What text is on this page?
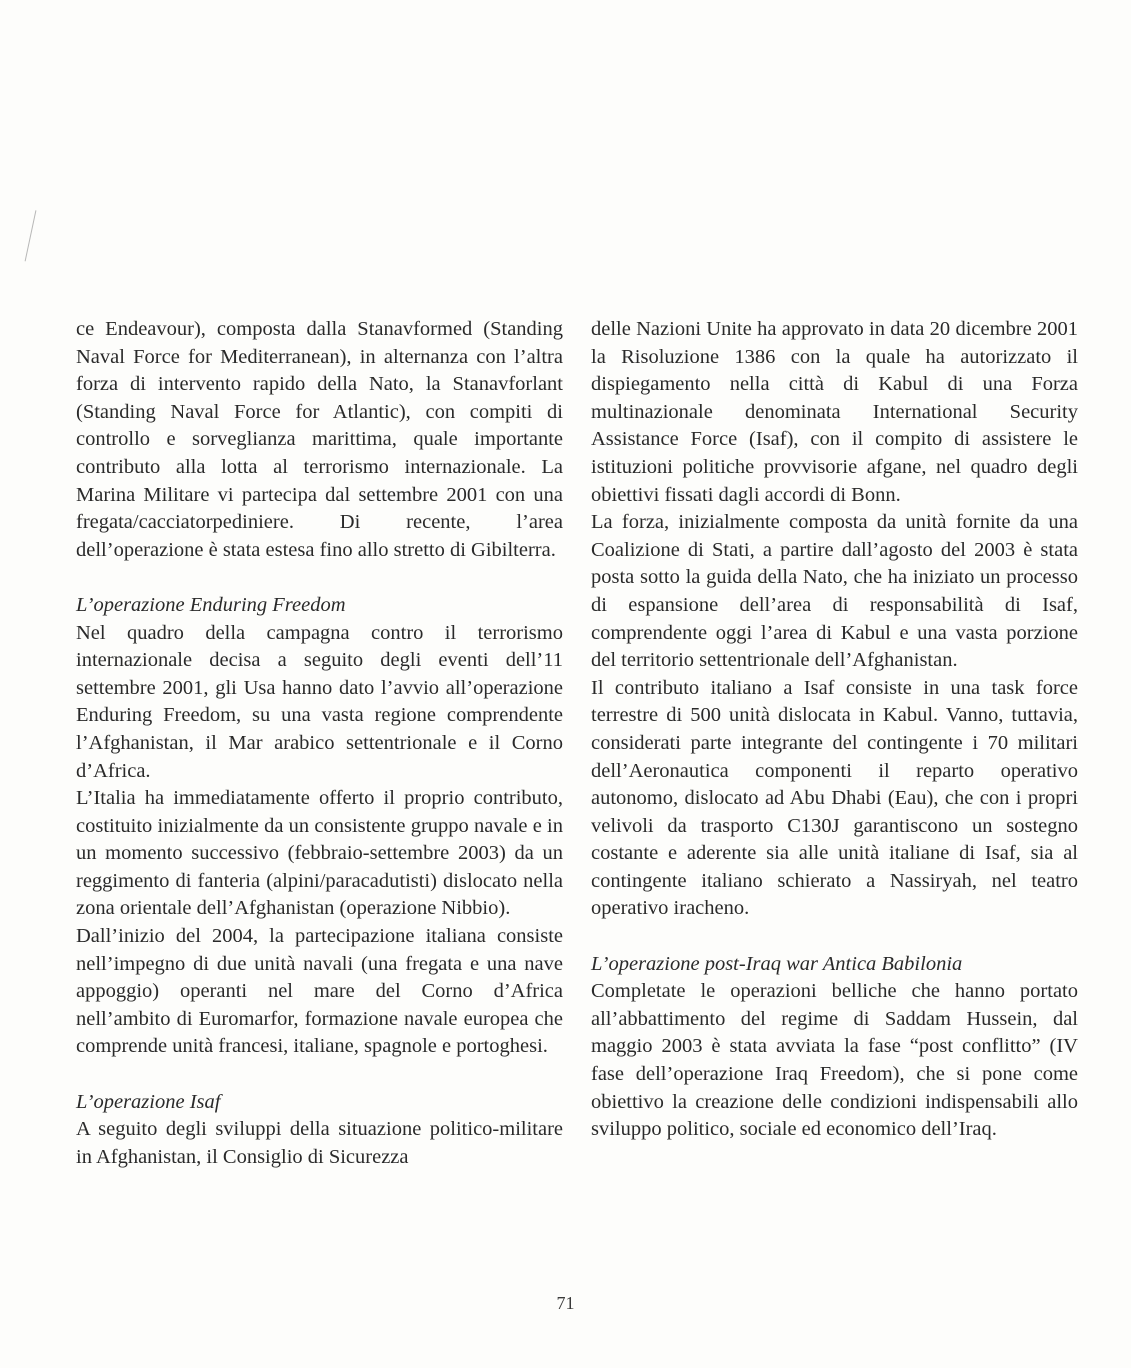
ce Endeavour), composta dalla Stanavformed (Standing Naval Force for Mediterranean), in alternanza con l’altra forza di intervento rapido della Nato, la Stanavforlant (Standing Naval Force for Atlantic), con compiti di controllo e sorveglianza marittima, quale importante contributo alla lotta al terrorismo internazionale. La Marina Militare vi partecipa dal settembre 2001 con una fregata/cacciatorpediniere. Di recente, l’area dell’operazione è stata estesa fino allo stretto di Gibilterra.

L’operazione Enduring Freedom

Nel quadro della campagna contro il terrorismo internazionale decisa a seguito degli eventi dell’11 settembre 2001, gli Usa hanno dato l’avvio all’operazione Enduring Freedom, su una vasta regione comprendente l’Afghanistan, il Mar arabico settentrionale e il Corno d’Africa.

L’Italia ha immediatamente offerto il proprio contributo, costituito inizialmente da un consistente gruppo navale e in un momento successivo (febbraio-settembre 2003) da un reggimento di fanteria (alpini/paracadutisti) dislocato nella zona orientale dell’Afghanistan (operazione Nibbio).

Dall’inizio del 2004, la partecipazione italiana consiste nell’impegno di due unità navali (una fregata e una nave appoggio) operanti nel mare del Corno d’Africa nell’ambito di Euromarfor, formazione navale europea che comprende unità francesi, italiane, spagnole e portoghesi.

L’operazione Isaf

A seguito degli sviluppi della situazione politico-militare in Afghanistan, il Consiglio di Sicurezza

delle Nazioni Unite ha approvato in data 20 dicembre 2001 la Risoluzione 1386 con la quale ha autorizzato il dispiegamento nella città di Kabul di una Forza multinazionale denominata International Security Assistance Force (Isaf), con il compito di assistere le istituzioni politiche provvisorie afgane, nel quadro degli obiettivi fissati dagli accordi di Bonn.

La forza, inizialmente composta da unità fornite da una Coalizione di Stati, a partire dall’agosto del 2003 è stata posta sotto la guida della Nato, che ha iniziato un processo di espansione dell’area di responsabilità di Isaf, comprendente oggi l’area di Kabul e una vasta porzione del territorio settentrionale dell’Afghanistan.

Il contributo italiano a Isaf consiste in una task force terrestre di 500 unità dislocata in Kabul. Vanno, tuttavia, considerati parte integrante del contingente i 70 militari dell’Aeronautica componenti il reparto operativo autonomo, dislocato ad Abu Dhabi (Eau), che con i propri velivoli da trasporto C130J garantiscono un sostegno costante e aderente sia alle unità italiane di Isaf, sia al contingente italiano schierato a Nassiryah, nel teatro operativo iracheno.

L’operazione post-Iraq war Antica Babilonia

Completate le operazioni belliche che hanno portato all’abbattimento del regime di Saddam Hussein, dal maggio 2003 è stata avviata la fase “post conflitto” (IV fase dell’operazione Iraq Freedom), che si pone come obiettivo la creazione delle condizioni indispensabili allo sviluppo politico, sociale ed economico dell’Iraq.

71
